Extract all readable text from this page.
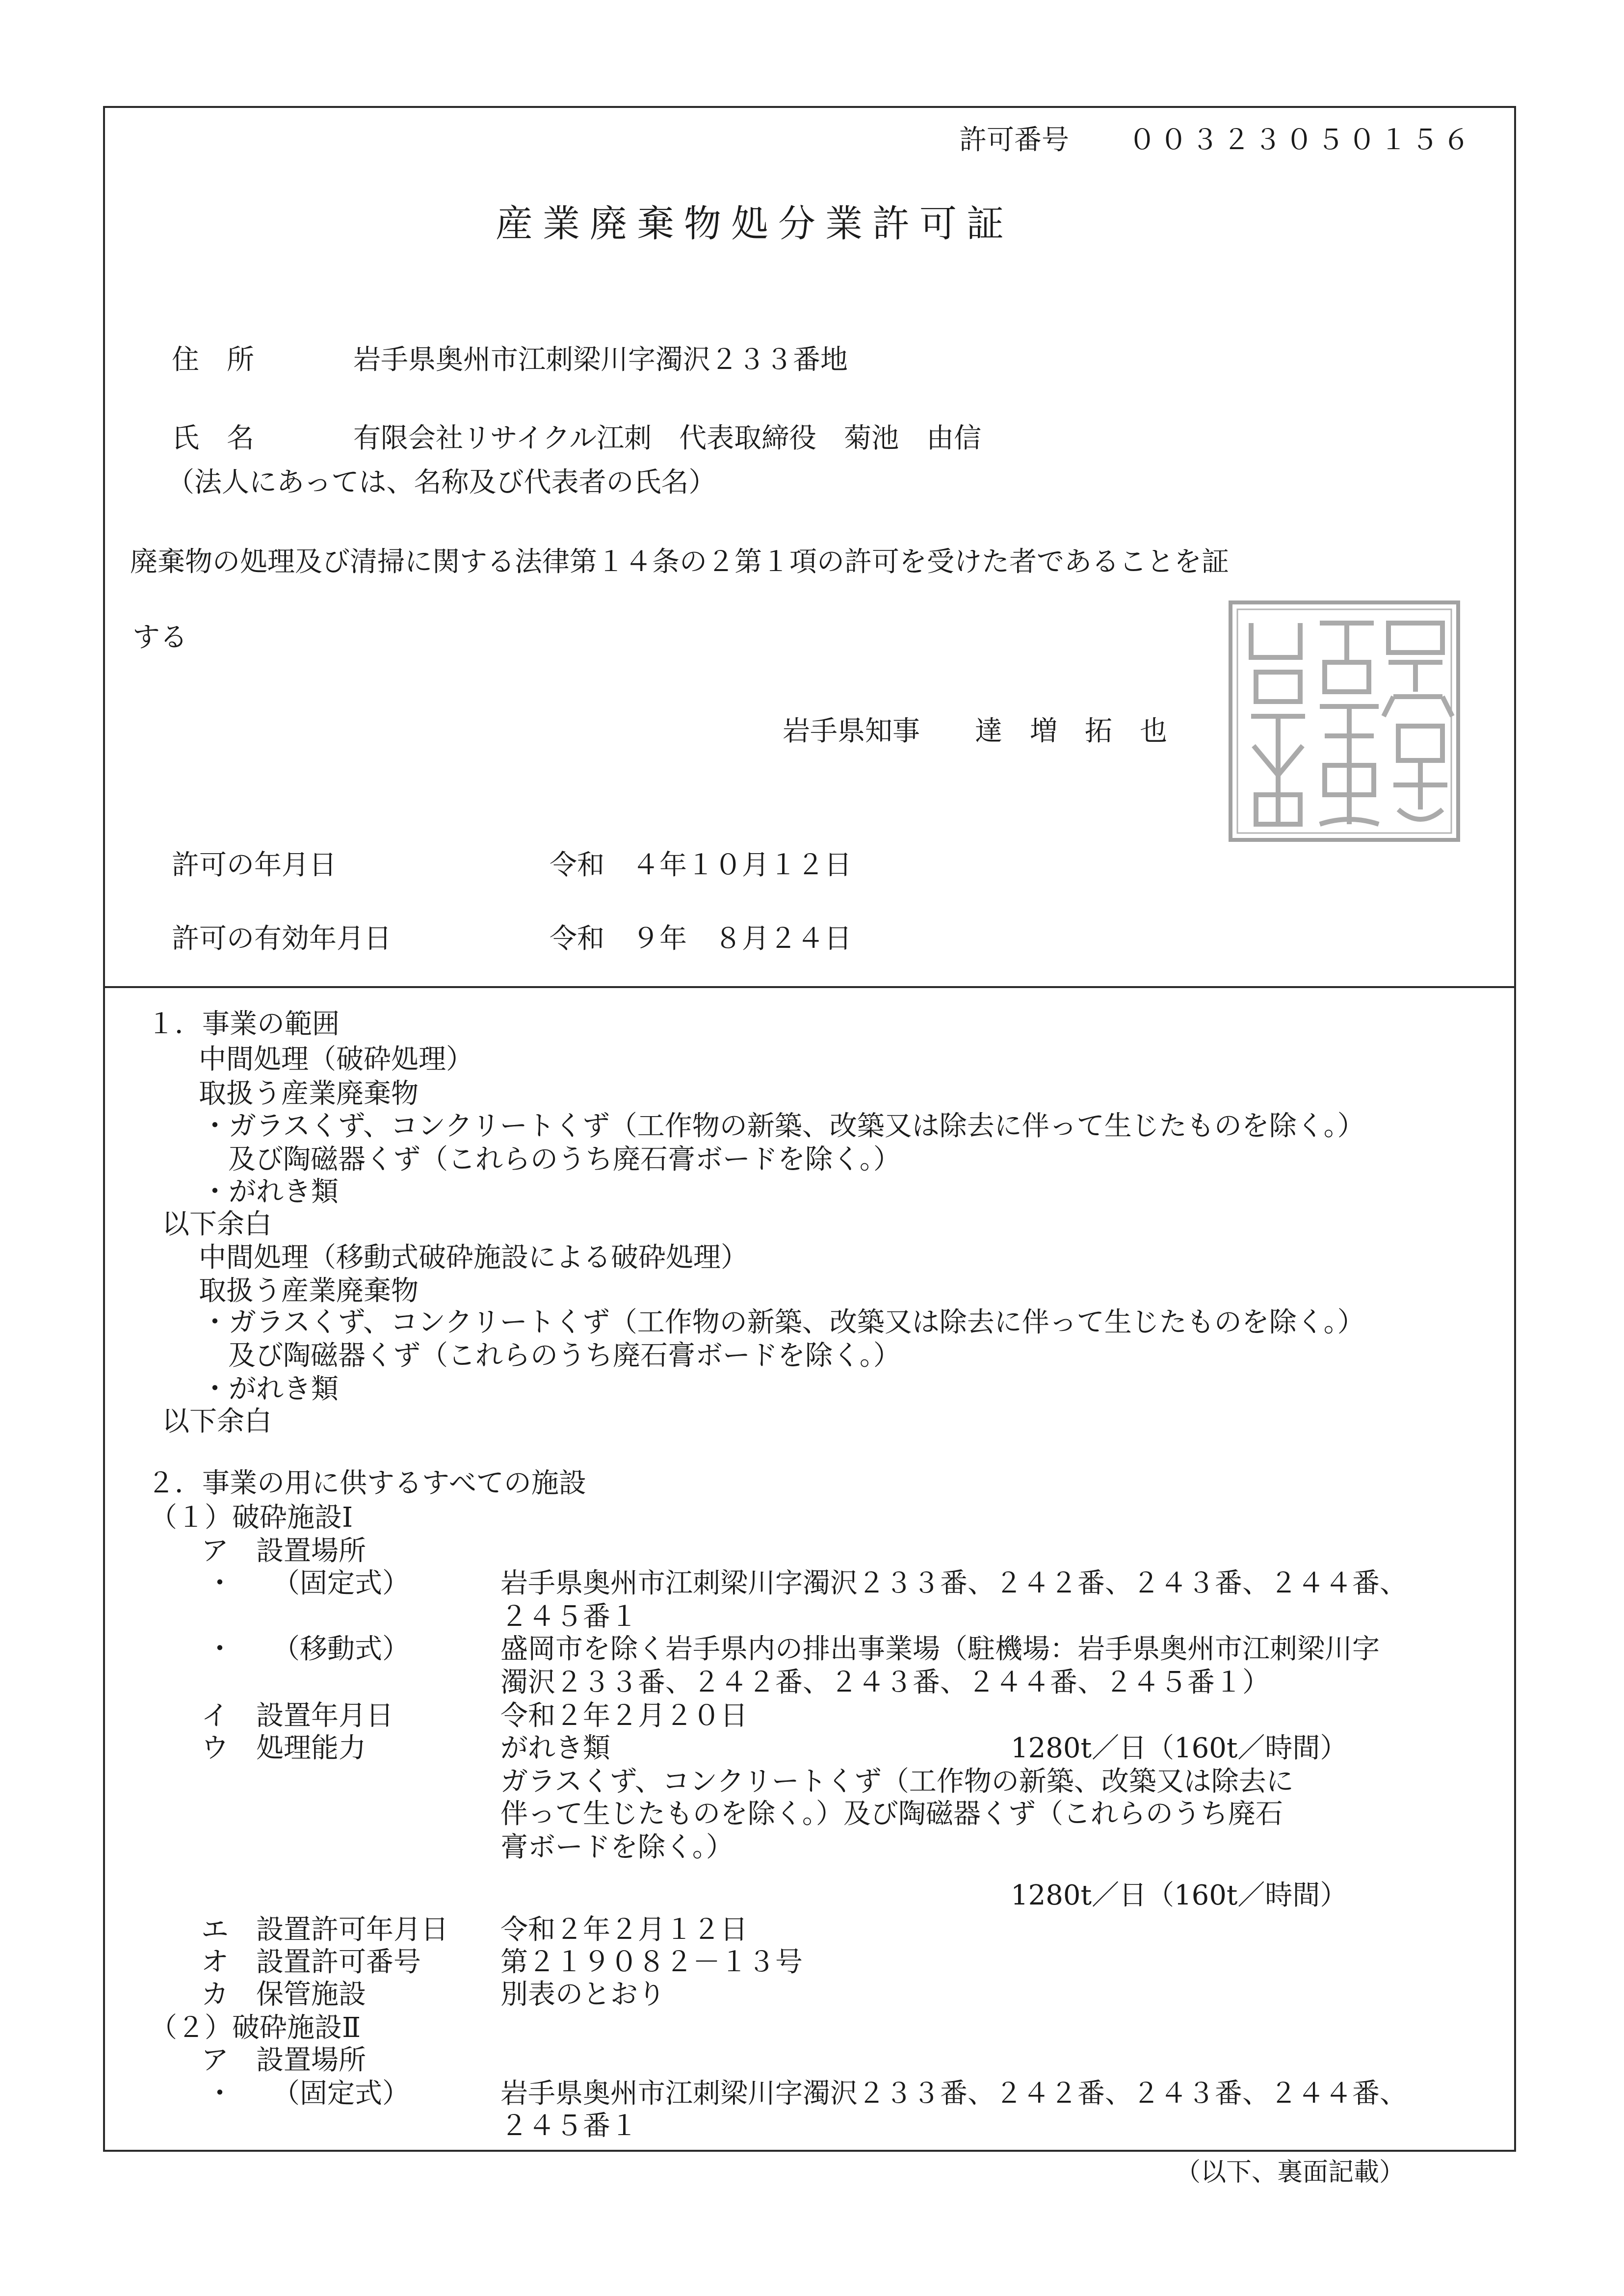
許可番号 ００３２３０５０１５６
産業廃棄物処分業許可証
住　所	岩手県奥州市江刺梁川字濁沢２３３番地
氏　名	有限会社リサイクル江刺　代表取締役　菊池　由信
（法人にあっては、名称及び代表者の氏名）
廃棄物の処理及び清掃に関する法律第１４条の２第１項の許可を受けた者であることを証
する
岩手県知事　　達　増　拓　也
許可の年月日	令和　４年１０月１２日
許可の有効年月日	令和　９年　８月２４日
１．事業の範囲
中間処理（破砕処理）
取扱う産業廃棄物
・ガラスくず、コンクリートくず（工作物の新築、改築又は除去に伴って生じたものを除く。）
及び陶磁器くず（これらのうち廃石膏ボードを除く。）
・がれき類
以下余白
中間処理（移動式破砕施設による破砕処理）
取扱う産業廃棄物
・ガラスくず、コンクリートくず（工作物の新築、改築又は除去に伴って生じたものを除く。）
及び陶磁器くず（これらのうち廃石膏ボードを除く。）
・がれき類
以下余白
２．事業の用に供するすべての施設
（１）破砕施設Ⅰ
ア　設置場所
・ （固定式）	岩手県奥州市江刺梁川字濁沢２３３番、２４２番、２４３番、２４４番、
２４５番１
・ （移動式）	盛岡市を除く岩手県内の排出事業場（駐機場：岩手県奥州市江刺梁川字
濁沢２３３番、２４２番、２４３番、２４４番、２４５番１）
イ　設置年月日	令和２年２月２０日
ウ　処理能力	がれき類	1280t／日（160t／時間）
ガラスくず、コンクリートくず（工作物の新築、改築又は除去に
伴って生じたものを除く。）及び陶磁器くず（これらのうち廃石
膏ボードを除く。）
1280t／日（160t／時間）
エ　設置許可年月日 令和２年２月１２日
オ　設置許可番号	第２１９０８２－１３号
カ　保管施設	別表のとおり
（２）破砕施設Ⅱ
ア　設置場所
・ （固定式）	岩手県奥州市江刺梁川字濁沢２３３番、２４２番、２４３番、２４４番、
２４５番１
（以下、裏面記載）
